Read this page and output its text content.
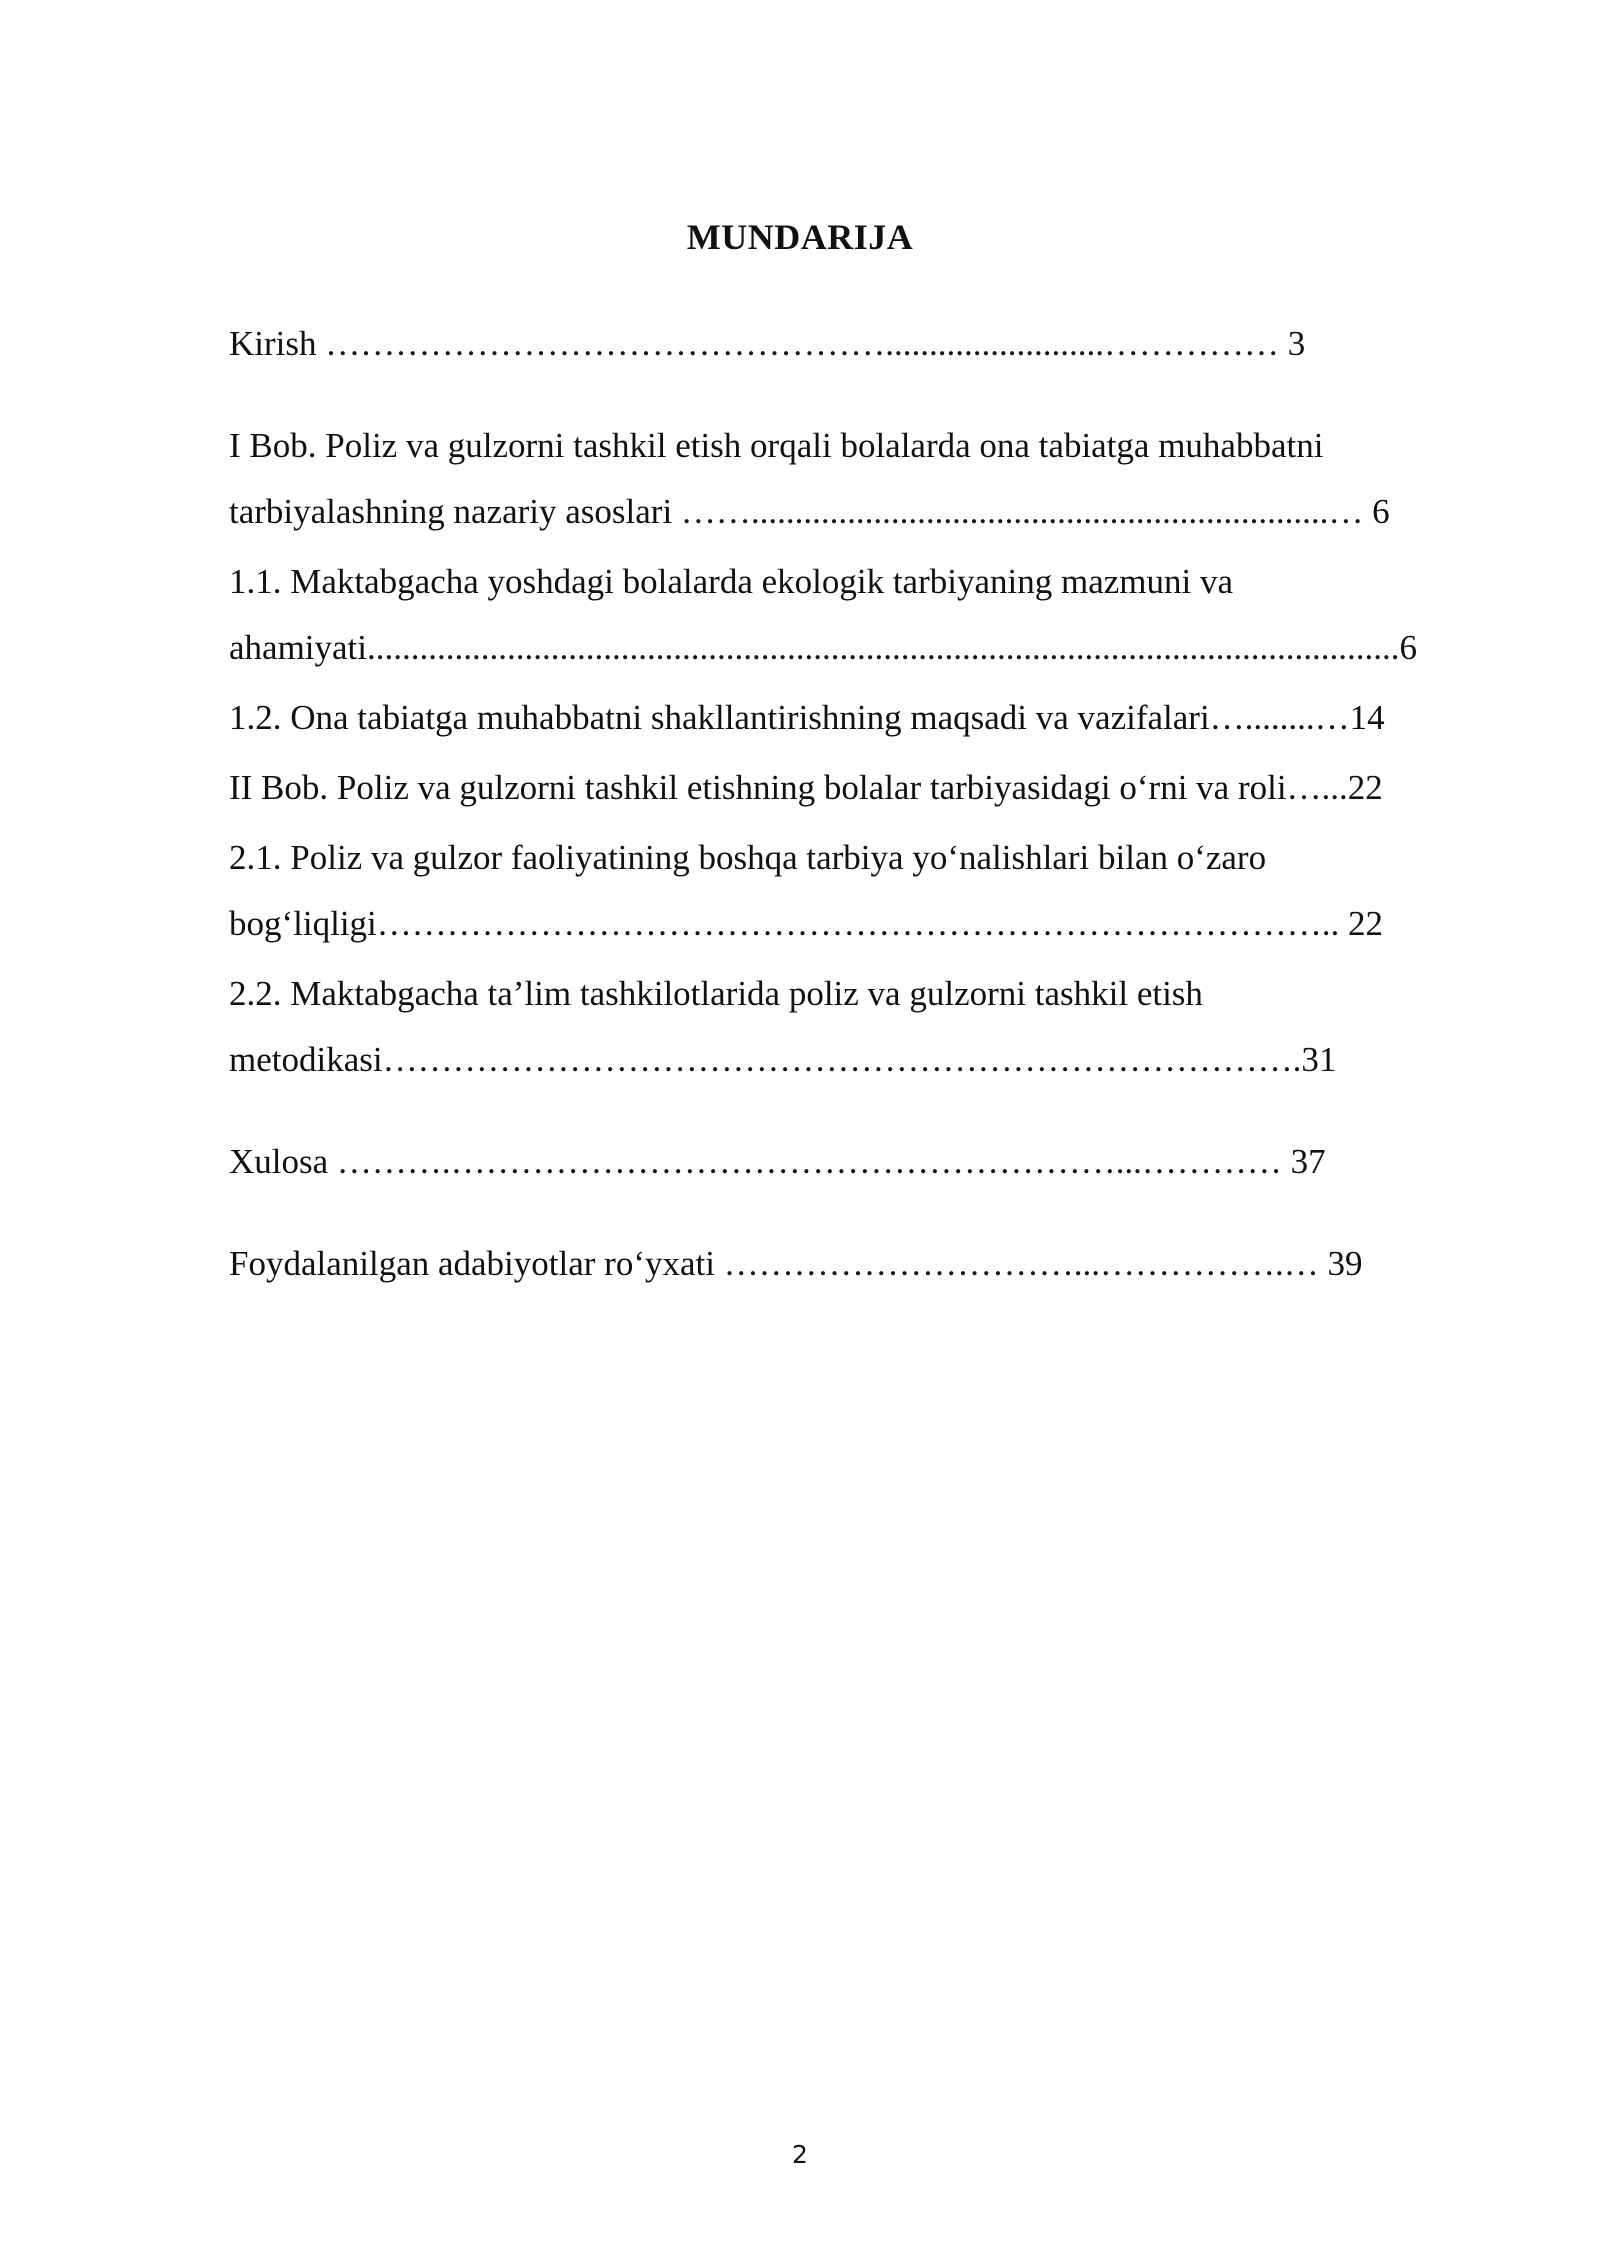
MUNDARIJA
Kirish ………………………………………….........................…………… 3
I Bob. Poliz va gulzorni tashkil etish orqali bolalarda ona tabiatga muhabbatni
tarbiyalashning nazariy asoslari ……..................................................................… 6
1.1. Maktabgacha yoshdagi bolalarda ekologik tarbiyaning mazmuni va
ahamiyati......................................................................................................................6
1.2. Ona tabiatga muhabbatni shakllantirishning maqsadi va vazifalari…........…14
II Bob. Poliz va gulzorni tashkil etishning bolalar tarbiyasidagi o‘rni va roli…...22
2.1. Poliz va gulzor faoliyatining boshqa tarbiya yo‘nalishlari bilan o‘zaro
bog‘liqligi……………………………………………………………………….. 22
2.2. Maktabgacha ta’lim tashkilotlarida poliz va gulzorni tashkil etish
metodikasi…………………………………………………………………….31
Xulosa ……….…………………………………………………...………… 37
Foydalanilgan adabiyotlar ro‘yxati …………………………...…………….… 39
2
